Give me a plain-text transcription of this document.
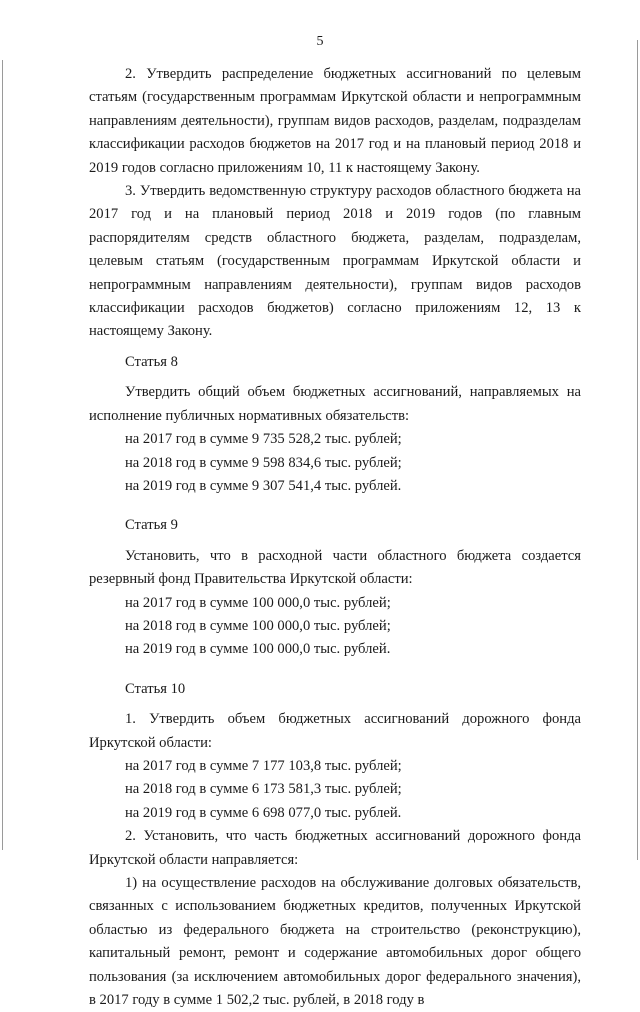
5

2. Утвердить распределение бюджетных ассигнований по целевым статьям (государственным программам Иркутской области и непрограммным направлениям деятельности), группам видов расходов, разделам, подразделам классификации расходов бюджетов на 2017 год и на плановый период 2018 и 2019 годов согласно приложениям 10, 11 к настоящему Закону.

3. Утвердить ведомственную структуру расходов областного бюджета на 2017 год и на плановый период 2018 и 2019 годов (по главным распорядителям средств областного бюджета, разделам, подразделам, целевым статьям (государственным программам Иркутской области и непрограммным направлениям деятельности), группам видов расходов классификации расходов бюджетов) согласно приложениям 12, 13 к настоящему Закону.

Статья 8

Утвердить общий объем бюджетных ассигнований, направляемых на исполнение публичных нормативных обязательств:

на 2017 год в сумме 9 735 528,2 тыс. рублей;

на 2018 год в сумме 9 598 834,6 тыс. рублей;

на 2019 год в сумме 9 307 541,4 тыс. рублей.

Статья 9

Установить, что в расходной части областного бюджета создается резервный фонд Правительства Иркутской области:

на 2017 год в сумме 100 000,0 тыс. рублей;

на 2018 год в сумме 100 000,0 тыс. рублей;

на 2019 год в сумме 100 000,0 тыс. рублей.

Статья 10

1. Утвердить объем бюджетных ассигнований дорожного фонда Иркутской области:

на 2017 год в сумме 7 177 103,8 тыс. рублей;

на 2018 год в сумме 6 173 581,3 тыс. рублей;

на 2019 год в сумме 6 698 077,0 тыс. рублей.

2. Установить, что часть бюджетных ассигнований дорожного фонда Иркутской области направляется:

1) на осуществление расходов на обслуживание долговых обязательств, связанных с использованием бюджетных кредитов, полученных Иркутской областью из федерального бюджета на строительство (реконструкцию), капитальный ремонт, ремонт и содержание автомобильных дорог общего пользования (за исключением автомобильных дорог федерального значения), в 2017 году в сумме 1 502,2 тыс. рублей, в 2018 году в
